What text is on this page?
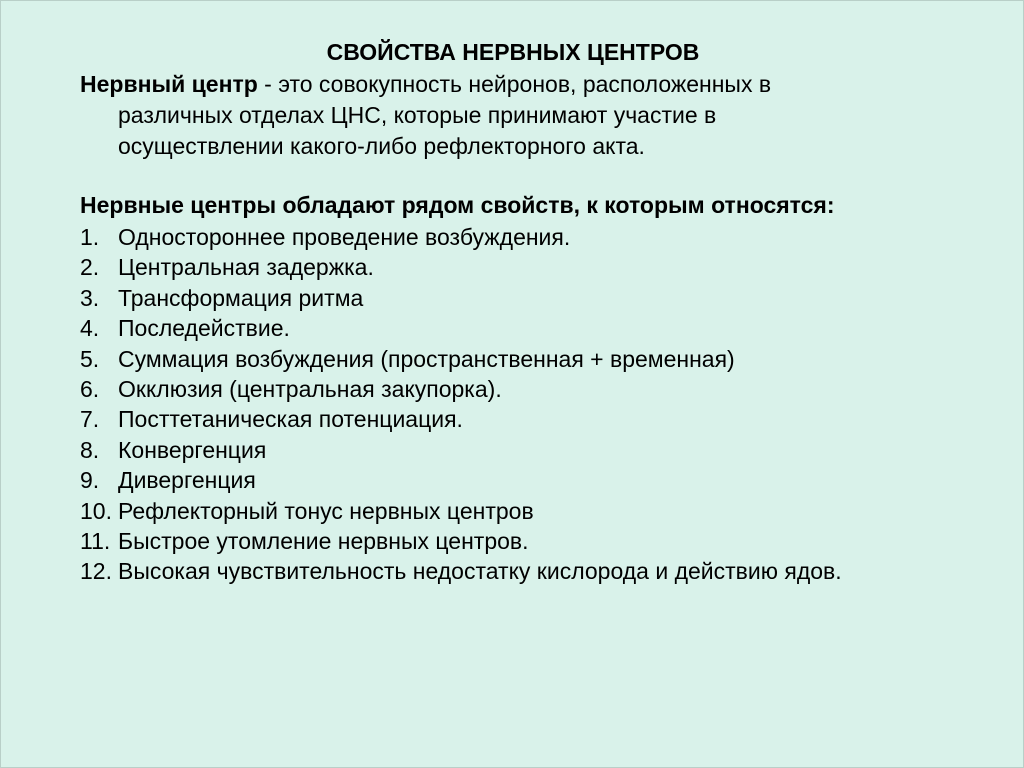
СВОЙСТВА НЕРВНЫХ ЦЕНТРОВ
Нервный центр - это совокупность нейронов, расположенных в
различных отделах ЦНС, которые принимают участие в
осуществлении какого-либо рефлекторного акта.
Нервные центры обладают рядом свойств, к которым относятся:
1. Одностороннее проведение возбуждения.
2. Центральная задержка.
3. Трансформация ритма
4. Последействие.
5. Суммация возбуждения (пространственная + временная)
6. Окклюзия (центральная закупорка).
7. Посттетаническая потенциация.
8. Конвергенция
9. Дивергенция
10. Рефлекторный тонус нервных центров
11. Быстрое утомление нервных центров.
12. Высокая чувствительность недостатку кислорода и действию ядов.
